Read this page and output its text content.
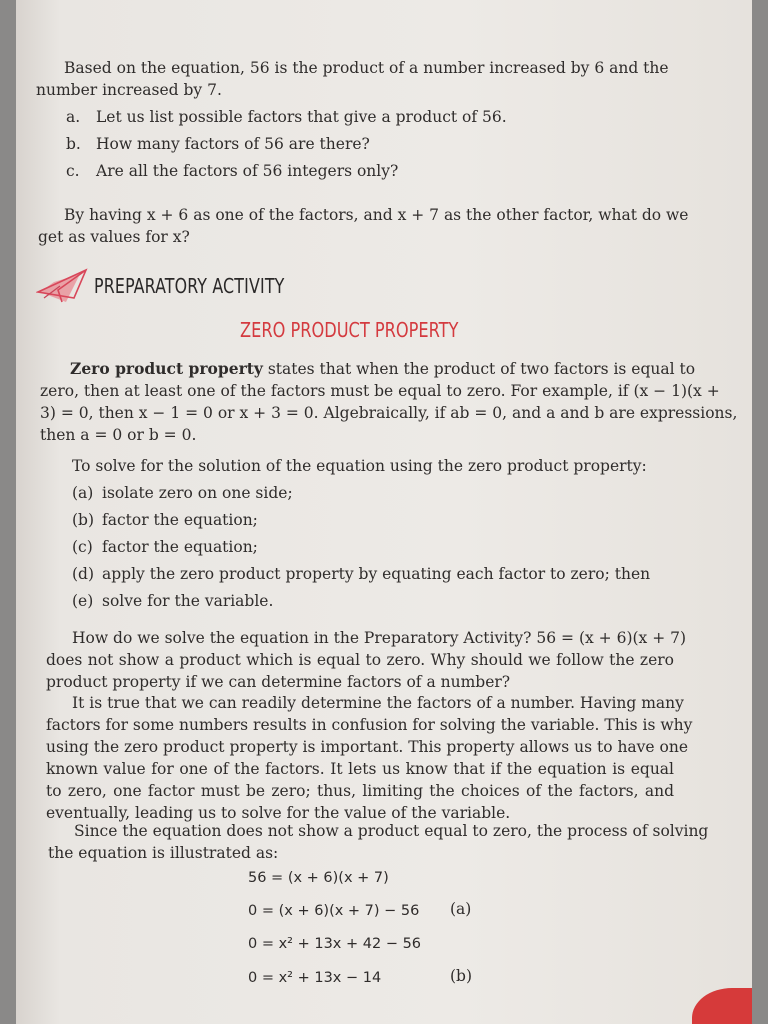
Based on the equation, 56 is the product of a number increased by 6 and the
number increased by 7.
a. Let us list possible factors that give a product of 56.
b. How many factors of 56 are there?
c. Are all the factors of 56 integers only?
By having x + 6 as one of the factors, and x + 7 as the other factor, what do we
get as values for x?
PREPARATORY ACTIVITY
ZERO PRODUCT PROPERTY
Zero product property states that when the product of two factors is equal to
zero, then at least one of the factors must be equal to zero. For example, if (x − 1)(x +
3) = 0, then x − 1 = 0 or x + 3 = 0. Algebraically, if ab = 0, and a and b are expressions,
then a = 0 or b = 0.
To solve for the solution of the equation using the zero product property:
(a) isolate zero on one side;
(b) factor the equation;
(c) factor the equation;
(d) apply the zero product property by equating each factor to zero; then
(e) solve for the variable.
How do we solve the equation in the Preparatory Activity? 56 = (x + 6)(x + 7)
does not show a product which is equal to zero. Why should we follow the zero
product property if we can determine factors of a number?
It is true that we can readily determine the factors of a number. Having many
factors for some numbers results in confusion for solving the variable. This is why
using the zero product property is important. This property allows us to have one
known value for one of the factors. It lets us know that if the equation is equal
to zero, one factor must be zero; thus, limiting the choices of the factors, and
eventually, leading us to solve for the value of the variable.
Since the equation does not show a product equal to zero, the process of solving
the equation is illustrated as:
56 = (x + 6)(x + 7)
0 = (x + 6)(x + 7) − 56 (a)
0 = x² + 13x + 42 − 56
0 = x² + 13x − 14	(b)
